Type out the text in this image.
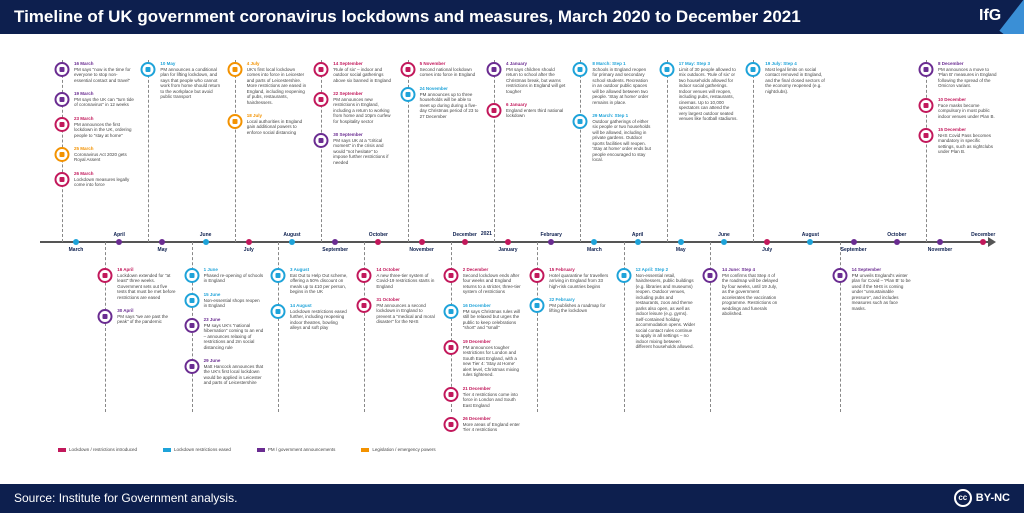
Timeline of UK government coronavirus lockdowns and measures, March 2020 to December 2021	IfG
March
April
May
June
July
August
September
October
November
December
January
February
March
April
May
June
July
August
September
October
November
December
2021
16 March
PM says "now is the time for everyone to stop non-essential contact and travel"
19 March
PM says the UK can "turn tide of coronavirus" in 12 weeks
23 March
PM announces the first lockdown in the UK, ordering people to "stay at home"
25 March
Coronavirus Act 2020 gets Royal Assent
26 March
Lockdown measures legally come into force
16 April
Lockdown extended for "at least" three weeks. Government sets out five tests that must be met before restrictions are eased
30 April
PM says "we are past the peak" of the pandemic
10 May
PM announces a conditional plan for lifting lockdown, and says that people who cannot work from home should return to the workplace but avoid public transport
1 June
Phased re-opening of schools in England
15 June
Non-essential shops reopen in England
23 June
PM says UK's "national hibernation" coming to an end – announces relaxing of restrictions and 2m social distancing rule
29 June
Matt Hancock announces that the UK's first local lockdown would be applied in Leicester and parts of Leicestershire
4 July
UK's first local lockdown comes into force in Leicester and parts of Leicestershire. More restrictions are eased in England, including reopening of pubs, restaurants, hairdressers.
18 July
Local authorities in England gain additional powers to enforce social distancing
3 August
Eat Out to Help Out scheme, offering a 50% discount on meals up to £10 per person, begins in the UK
14 August
Lockdown restrictions eased further, including reopening indoor theatres, bowling alleys and soft play
14 September
'Rule of six' – indoor and outdoor social gatherings above six banned in England
22 September
PM announces new restrictions in England, including a return to working from home and 10pm curfew for hospitality sector
30 September
PM says UK at a "critical moment" in the crisis and would "not hesitate" to impose further restrictions if needed
14 October
A new three-tier system of Covid-19 restrictions starts in England
31 October
PM announces a second lockdown in England to prevent a "medical and moral disaster" for the NHS
5 November
Second national lockdown comes into force in England
24 November
PM announces up to three households will be able to meet up during during a five-day Christmas period of 23 to 27 December
2 December
Second lockdown ends after four weeks and England returns to a stricter, three-tier system of restrictions
16 December
PM says Christmas rules will still be relaxed but urges the public to keep celebrations "short" and "small"
19 December
PM announces tougher restrictions for London and South East England, with a new Tier 4: 'Stay at Home' alert level, Christmas mixing rules tightened.
21 December
Tier 4 restrictions come into force in London and South East England
26 December
More areas of England enter Tier 4 restrictions
4 January
PM says children should return to school after the Christmas break, but warns restrictions in England will get tougher
6 January
England enters third national lockdown
15 February
Hotel quarantine for travellers arriving in England from 33 high-risk countries begins
22 February
PM publishes a roadmap for lifting the lockdown
8 March: Step 1
Schools in England reopen for primary and secondary school students. Recreation in an outdoor public spaces will be allowed between two people. 'Stay at home' order remains in place.
29 March: Step 1
Outdoor gatherings of either six people or two households will be allowed, including in private gardens. Outdoor sports facilities will reopen. 'Stay at home' order ends but people encouraged to stay local.
12 April: Step 2
Non-essential retail, hairdressers, public buildings (e.g. libraries and museums) reopen. Outdoor venues, including pubs and restaurants, zoos and theme parks also open, as well as indoor leisure (e.g. gyms). Self-contained holiday accommodation opens. Wider social contact rules continue to apply in all settings – no indoor mixing between different households allowed.
17 May: Step 3
Limit of 30 people allowed to mix outdoors. 'Rule of six' or two households allowed for indoor social gatherings. Indoor venues will reopen, including pubs, restaurants, cinemas. Up to 10,000 spectators can attend the very largest outdoor seated venues like football stadiums.
14 June: Step 4
PM confirms that Step 4 of the roadmap will be delayed by four weeks, until 19 July, as the government accelerates the vaccination programme. Restrictions on weddings and funerals abolished.
19 July: Step 4
Most legal limits on social contact removed in England, and the final closed sectors of the economy reopened (e.g. nightclubs).
14 September
PM unveils England's winter plan for Covid – 'Plan B' to be used if the NHS is coming under "unsustainable pressure", and includes measures such as face masks.
8 December
PM announces a move to 'Plan B' measures in England following the spread of the Omicron variant.
10 December
Face masks become compulsory in most public indoor venues under Plan B.
15 December
NHS Covid Pass becomes mandatory in specific settings, such as nightclubs under Plan B.
Lockdown / restrictions introduced	Lockdown restrictions eased	PM / government announcements	Legislation / emergency powers
Source: Institute for Government analysis.	cc BY-NC
